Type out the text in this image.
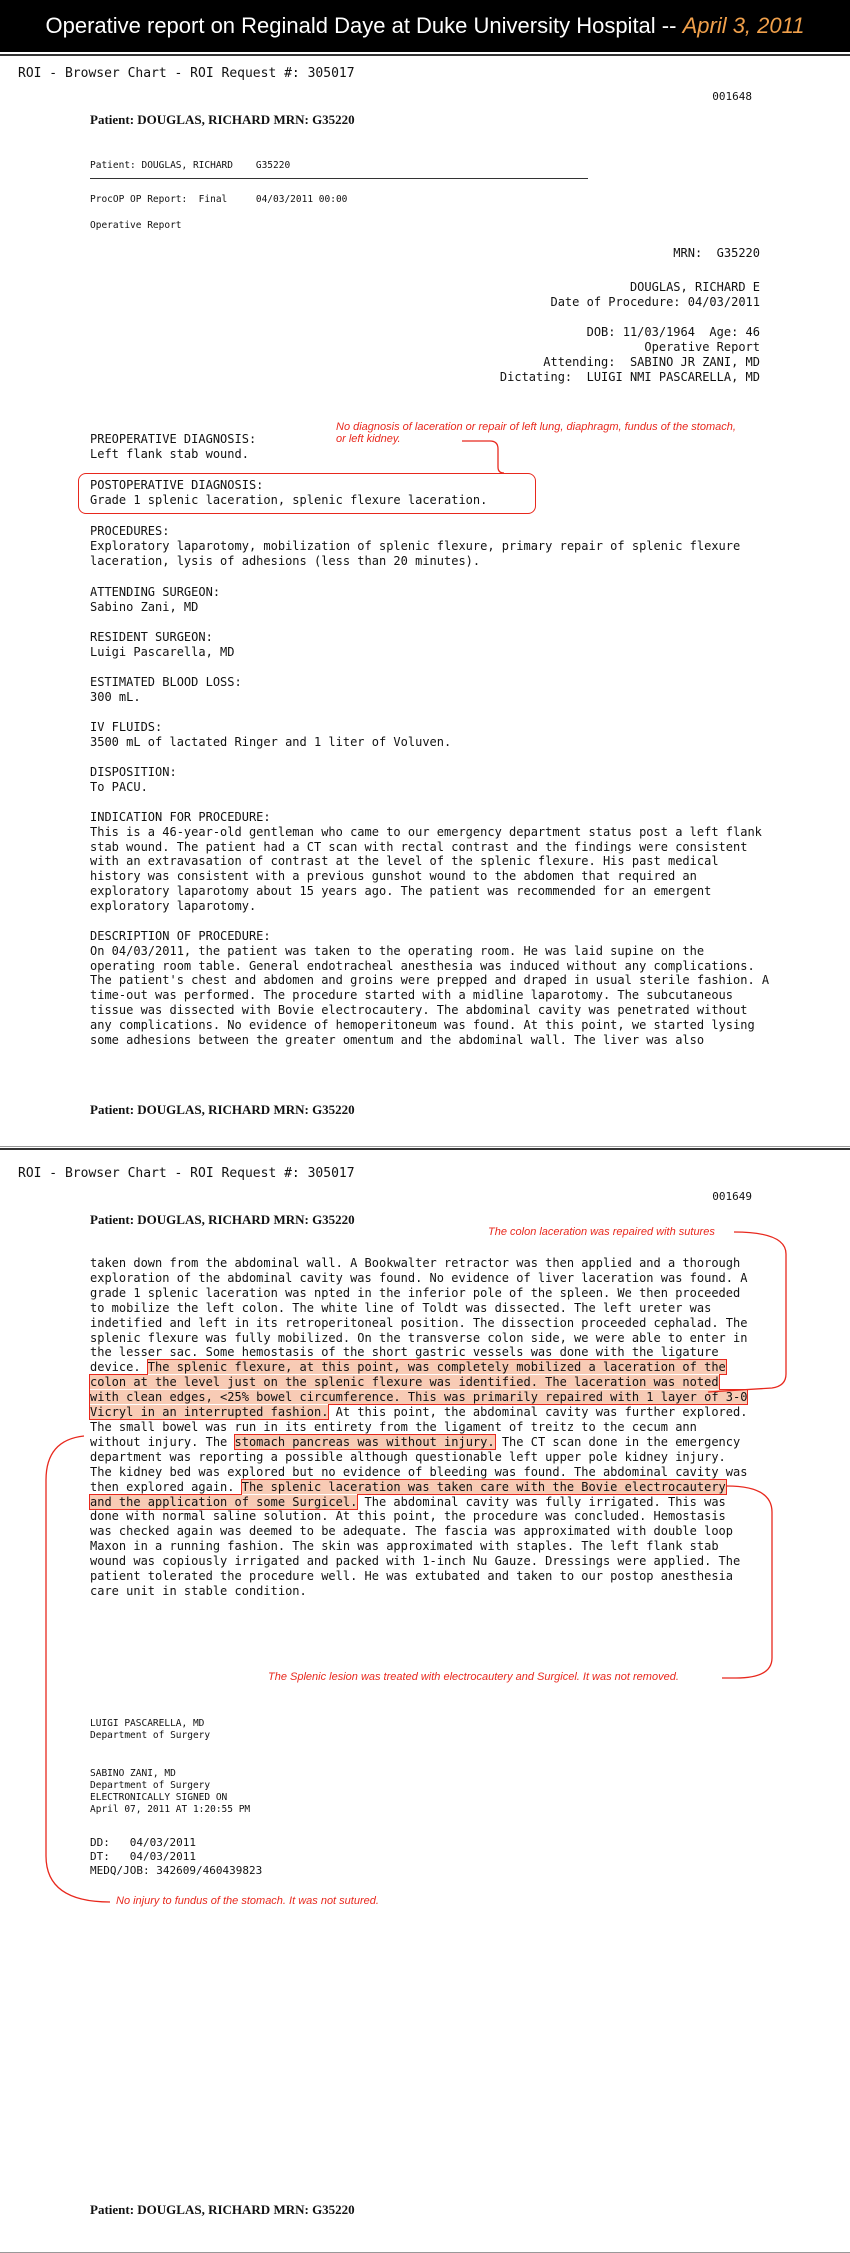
Operative report on Reginald Daye at Duke University Hospital -- April 3, 2011
ROI - Browser Chart - ROI Request #: 305017
001648
Patient: DOUGLAS, RICHARD MRN: G35220
Patient: DOUGLAS, RICHARD    G35220
ProcOP OP Report:  Final     04/03/2011 00:00
Operative Report
MRN:  G35220
DOUGLAS, RICHARD E
Date of Procedure: 04/03/2011
DOB: 11/03/1964  Age: 46
Operative Report
Attending:  SABINO JR ZANI, MD
Dictating:  LUIGI NMI PASCARELLA, MD
No diagnosis of laceration or repair of left lung, diaphragm, fundus of the stomach, or left kidney.
PREOPERATIVE DIAGNOSIS:
Left flank stab wound.
POSTOPERATIVE DIAGNOSIS:
Grade 1 splenic laceration, splenic flexure laceration.
PROCEDURES:
Exploratory laparotomy, mobilization of splenic flexure, primary repair of splenic flexure laceration, lysis of adhesions (less than 20 minutes).
ATTENDING SURGEON:
Sabino Zani, MD
RESIDENT SURGEON:
Luigi Pascarella, MD
ESTIMATED BLOOD LOSS:
300 mL.
IV FLUIDS:
3500 mL of lactated Ringer and 1 liter of Voluven.
DISPOSITION:
To PACU.
INDICATION FOR PROCEDURE:
This is a 46-year-old gentleman who came to our emergency department status post a left flank stab wound. The patient had a CT scan with rectal contrast and the findings were consistent with an extravasation of contrast at the level of the splenic flexure. His past medical history was consistent with a previous gunshot wound to the abdomen that required an exploratory laparotomy about 15 years ago. The patient was recommended for an emergent exploratory laparotomy.
DESCRIPTION OF PROCEDURE:
On 04/03/2011, the patient was taken to the operating room. He was laid supine on the operating room table. General endotracheal anesthesia was induced without any complications. The patient's chest and abdomen and groins were prepped and draped in usual sterile fashion. A time-out was performed. The procedure started with a midline laparotomy. The subcutaneous tissue was dissected with Bovie electrocautery. The abdominal cavity was penetrated without any complications. No evidence of hemoperitoneum was found. At this point, we started lysing some adhesions between the greater omentum and the abdominal wall. The liver was also
Patient: DOUGLAS, RICHARD MRN: G35220
ROI - Browser Chart - ROI Request #: 305017
001649
Patient: DOUGLAS, RICHARD MRN: G35220
The colon laceration was repaired with sutures
taken down from the abdominal wall. A Bookwalter retractor was then applied and a thorough exploration of the abdominal cavity was found. No evidence of liver laceration was found. A grade 1 splenic laceration was npted in the inferior pole of the spleen. We then proceeded to mobilize the left colon. The white line of Toldt was dissected. The left ureter was indetified and left in its retroperitoneal position. The dissection proceeded cephalad. The splenic flexure was fully mobilized. On the transverse colon side, we were able to enter in the lesser sac. Some hemostasis of the short gastric vessels was done with the ligature device. The splenic flexure, at this point, was completely mobilized a laceration of the colon at the level just on the splenic flexure was identified. The laceration was noted with clean edges, <25% bowel circumference. This was primarily repaired with 1 layer of 3-0 Vicryl in an interrupted fashion. At this point, the abdominal cavity was further explored. The small bowel was run in its entirety from the ligament of treitz to the cecum ann without injury. The stomach pancreas was without injury. The CT scan done in the emergency department was reporting a possible although questionable left upper pole kidney injury. The kidney bed was explored but no evidence of bleeding was found. The abdominal cavity was then explored again. The splenic laceration was taken care with the Bovie electrocautery and the application of some Surgicel. The abdominal cavity was fully irrigated. This was done with normal saline solution. At this point, the procedure was concluded. Hemostasis was checked again was deemed to be adequate. The fascia was approximated with double loop Maxon in a running fashion. The skin was approximated with staples. The left flank stab wound was copiously irrigated and packed with 1-inch Nu Gauze. Dressings were applied. The patient tolerated the procedure well. He was extubated and taken to our postop anesthesia care unit in stable condition.
The Splenic lesion was treated with electrocautery and Surgicel. It was not removed.
LUIGI PASCARELLA, MD
Department of Surgery
SABINO ZANI, MD
Department of Surgery
ELECTRONICALLY SIGNED ON
April 07, 2011 AT 1:20:55 PM
DD:   04/03/2011
DT:   04/03/2011
MEDQ/JOB: 342609/460439823
No injury to fundus of the stomach. It was not sutured.
Patient: DOUGLAS, RICHARD MRN: G35220
